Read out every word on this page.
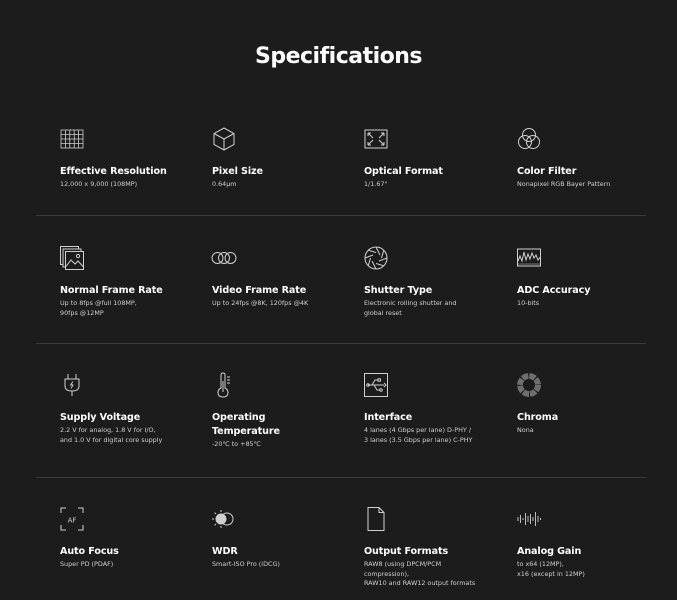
Specifications
Effective Resolution
12,000 x 9,000 (108MP)
Pixel Size
0.64μm
Optical Format
1/1.67"
Color Filter
Nonapixel RGB Bayer Pattern
Normal Frame Rate
Up to 8fps @full 108MP,
90fps @12MP
Video Frame Rate
Up to 24fps @8K, 120fps @4K
Shutter Type
Electronic rolling shutter and
global reset
ADC Accuracy
10-bits
Supply Voltage
2.2 V for analog, 1.8 V for I/O,
and 1.0 V for digital core supply
Operating
Temperature
-20℃ to +85℃
Interface
4 lanes (4 Gbps per lane) D-PHY /
3 lanes (3.5 Gbps per lane) C-PHY
Chroma
Nona
AF
Auto Focus
Super PD (PDAF)
WDR
Smart-ISO Pro (iDCG)
Output Formats
RAW8 (using DPCM/PCM
compression),
RAW10 and RAW12 output formats
Analog Gain
to x64 (12MP),
x16 (except in 12MP)
